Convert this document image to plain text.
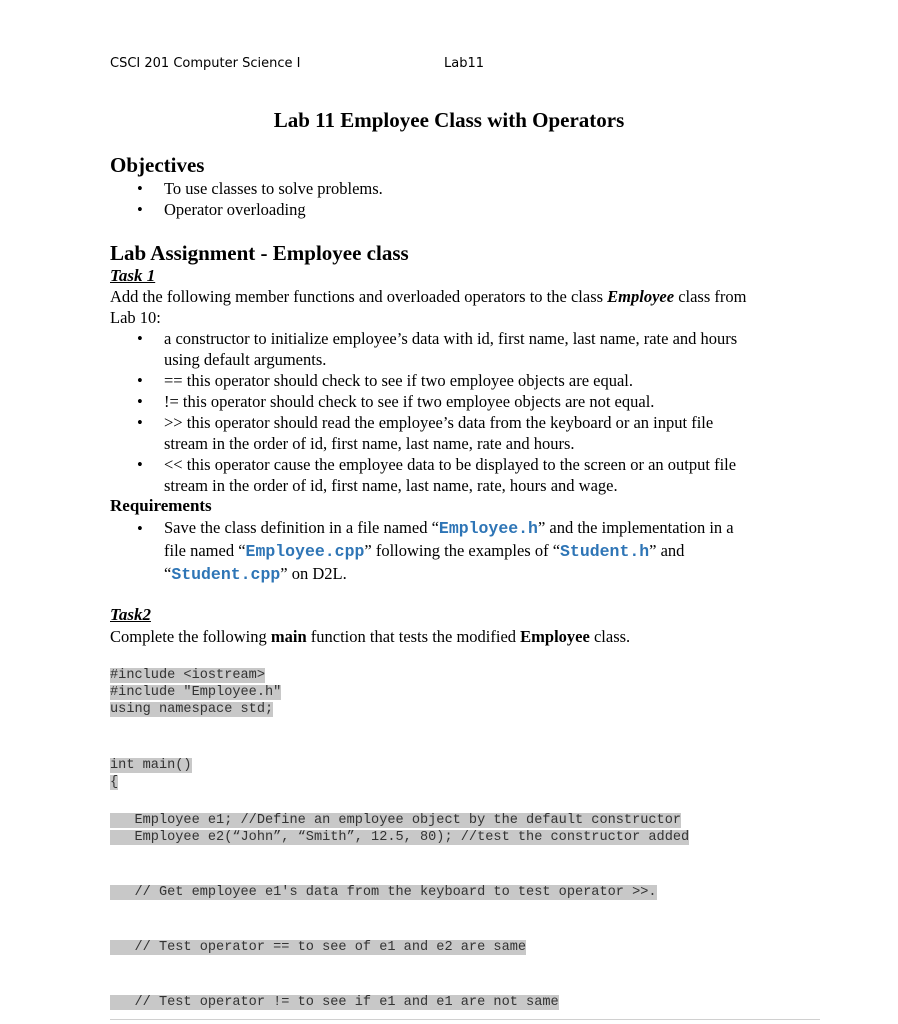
CSCI 201 Computer Science I	Lab11
Lab 11 Employee Class with Operators
Objectives
• To use classes to solve problems.
• Operator overloading
Lab Assignment - Employee class
Task 1
Add the following member functions and overloaded operators to the class Employee class from
Lab 10:
• a constructor to initialize employee’s data with id, first name, last name, rate and hours
using default arguments.
• == this operator should check to see if two employee objects are equal.
• != this operator should check to see if two employee objects are not equal.
• >> this operator should read the employee’s data from the keyboard or an input file
stream in the order of id, first name, last name, rate and hours.
• << this operator cause the employee data to be displayed to the screen or an output file
stream in the order of id, first name, last name, rate, hours and wage.
Requirements
• Save the class definition in a file named “Employee.h” and the implementation in a
file named “Employee.cpp” following the examples of “Student.h” and
“Student.cpp” on D2L.
Task2
Complete the following main function that tests the modified Employee class.
#include <iostream>
#include "Employee.h"
using namespace std;
int main()
{
Employee e1; //Define an employee object by the default constructor
Employee e2(“John”, “Smith”, 12.5, 80); //test the constructor added
// Get employee e1's data from the keyboard to test operator >>.
// Test operator == to see of e1 and e2 are same
// Test operator != to see if e1 and e1 are not same
